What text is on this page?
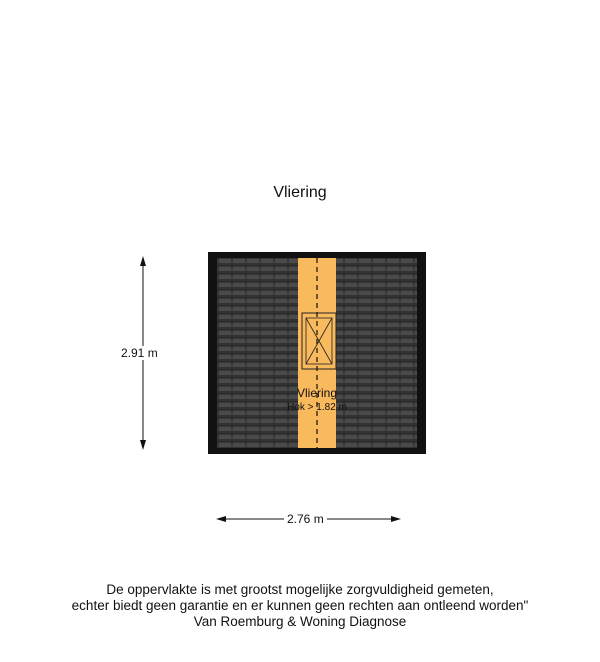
Vliering
Vliering
Hok > 1.82 m
2.91 m
2.76 m
De oppervlakte is met grootst mogelijke zorgvuldigheid gemeten,
echter biedt geen garantie en er kunnen geen rechten aan ontleend worden"
Van Roemburg & Woning Diagnose
